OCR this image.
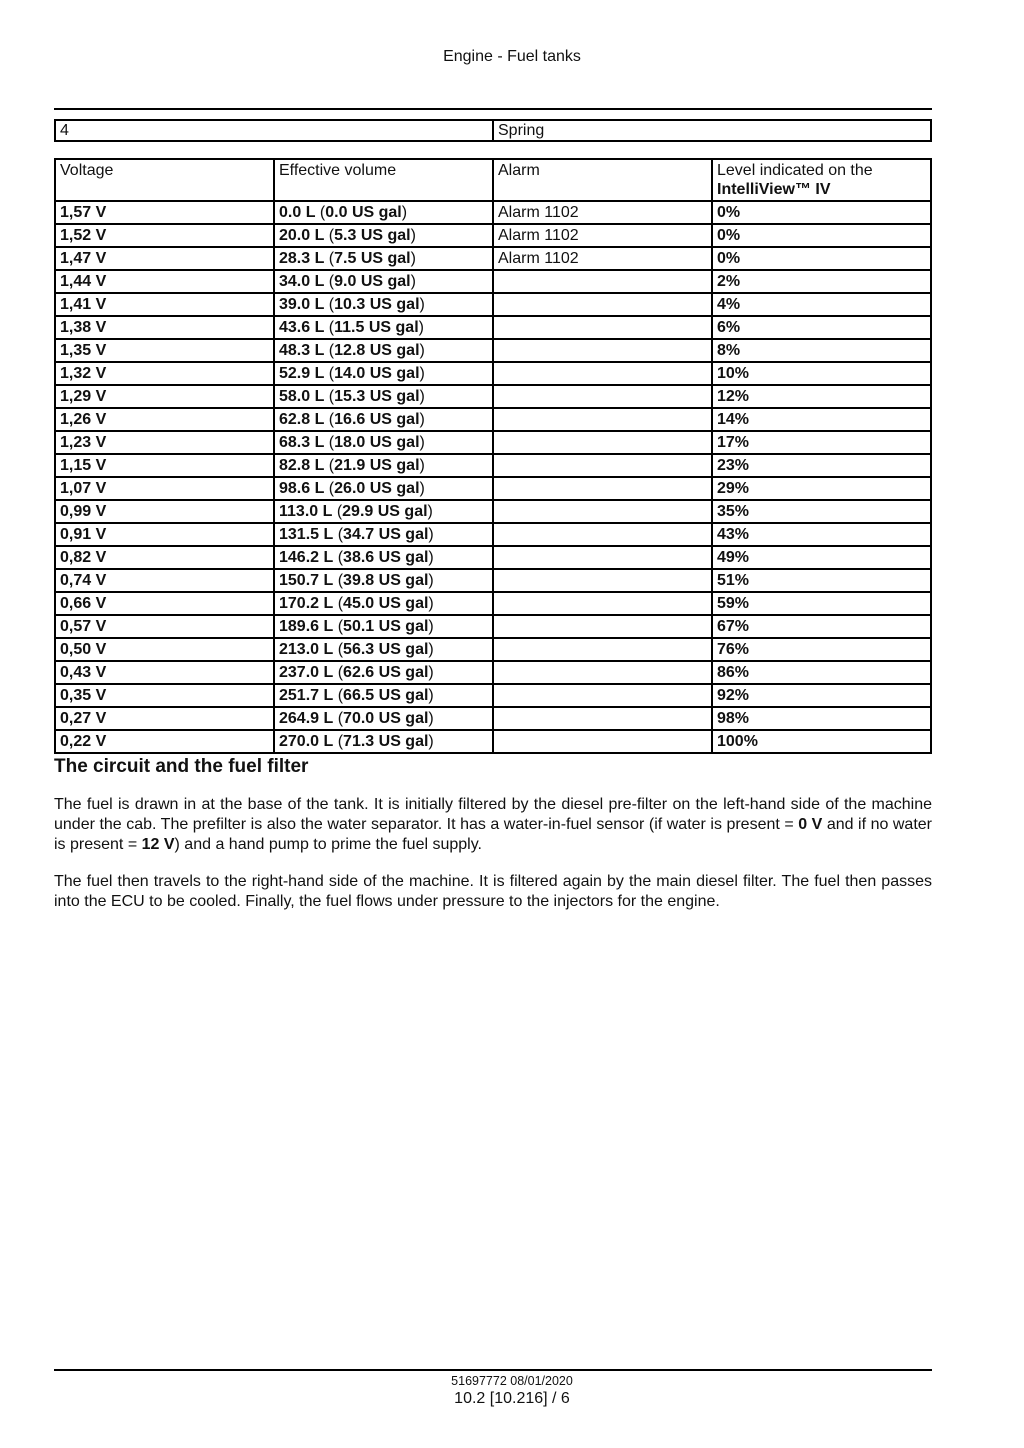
Engine - Fuel tanks
4	Spring
Voltage	Effective volume	Alarm	Level indicated on the
IntelliView™ IV
1,57 V	0.0 L (0.0 US gal)	Alarm 1102	0%
1,52 V	20.0 L (5.3 US gal)	Alarm 1102	0%
1,47 V	28.3 L (7.5 US gal)	Alarm 1102	0%
1,44 V	34.0 L (9.0 US gal)		2%
1,41 V	39.0 L (10.3 US gal)		4%
1,38 V	43.6 L (11.5 US gal)		6%
1,35 V	48.3 L (12.8 US gal)		8%
1,32 V	52.9 L (14.0 US gal)		10%
1,29 V	58.0 L (15.3 US gal)		12%
1,26 V	62.8 L (16.6 US gal)		14%
1,23 V	68.3 L (18.0 US gal)		17%
1,15 V	82.8 L (21.9 US gal)		23%
1,07 V	98.6 L (26.0 US gal)		29%
0,99 V	113.0 L (29.9 US gal)		35%
0,91 V	131.5 L (34.7 US gal)		43%
0,82 V	146.2 L (38.6 US gal)		49%
0,74 V	150.7 L (39.8 US gal)		51%
0,66 V	170.2 L (45.0 US gal)		59%
0,57 V	189.6 L (50.1 US gal)		67%
0,50 V	213.0 L (56.3 US gal)		76%
0,43 V	237.0 L (62.6 US gal)		86%
0,35 V	251.7 L (66.5 US gal)		92%
0,27 V	264.9 L (70.0 US gal)		98%
0,22 V	270.0 L (71.3 US gal)		100%
The circuit and the fuel filter

The fuel is drawn in at the base of the tank. It is initially filtered by the diesel pre-filter on the left-hand side of the machine under the cab. The prefilter is also the water separator. It has a water-in-fuel sensor (if water is present = 0 V and if no water is present = 12 V) and a hand pump to prime the fuel supply.

The fuel then travels to the right-hand side of the machine. It is filtered again by the main diesel filter. The fuel then passes into the ECU to be cooled. Finally, the fuel flows under pressure to the injectors for the engine.

51697772 08/01/2020
10.2 [10.216] / 6
